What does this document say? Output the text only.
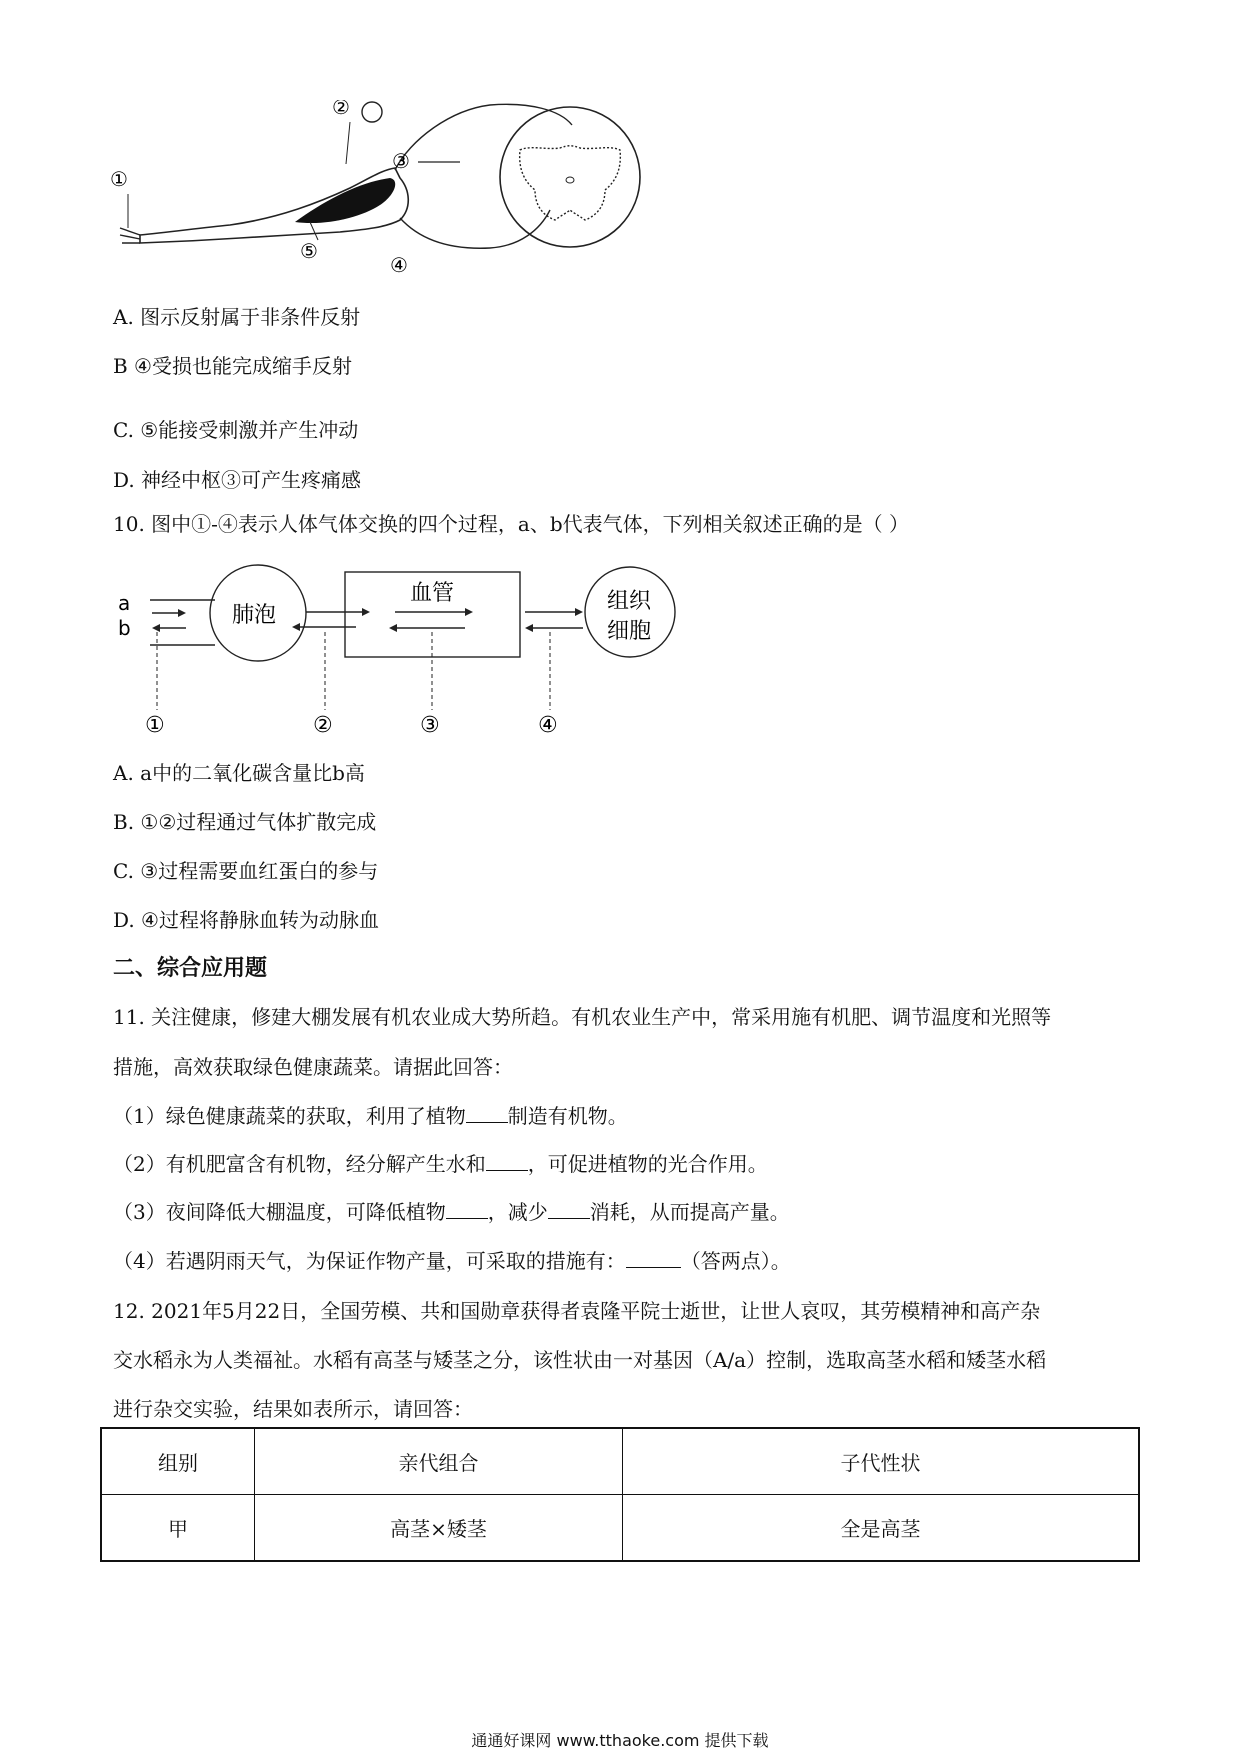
①
②
③
④
⑤
A. 图示反射属于非条件反射
B ④受损也能完成缩手反射
C. ⑤能接受刺激并产生冲动
D. 神经中枢③可产生疼痛感
10. 图中①-④表示人体气体交换的四个过程，a、b代表气体，下列相关叙述正确的是（ ）
a
b	肺泡
血管	组织
细胞
①	②	③	④
A. a中的二氧化碳含量比b高
B. ①②过程通过气体扩散完成
C. ③过程需要血红蛋白的参与
D. ④过程将静脉血转为动脉血
二、综合应用题
11. 关注健康，修建大棚发展有机农业成大势所趋。有机农业生产中，常采用施有机肥、调节温度和光照等
措施，高效获取绿色健康蔬菜。请据此回答：
（1）绿色健康蔬菜的获取，利用了植物 制造有机物。
（2）有机肥富含有机物，经分解产生水和 ，可促进植物的光合作用。
（3）夜间降低大棚温度，可降低植物 ，减少 消耗，从而提高产量。
（4）若遇阴雨天气，为保证作物产量，可采取的措施有：	（答两点）。
12. 2021年5月22日，全国劳模、共和国勋章获得者袁隆平院士逝世，让世人哀叹，其劳模精神和高产杂
交水稻永为人类福祉。水稻有高茎与矮茎之分，该性状由一对基因（A/a）控制，选取高茎水稻和矮茎水稻
进行杂交实验，结果如表所示，请回答：
组别	亲代组合	子代性状
甲	高茎×矮茎	全是高茎
通通好课网 www.tthaoke.com 提供下载
